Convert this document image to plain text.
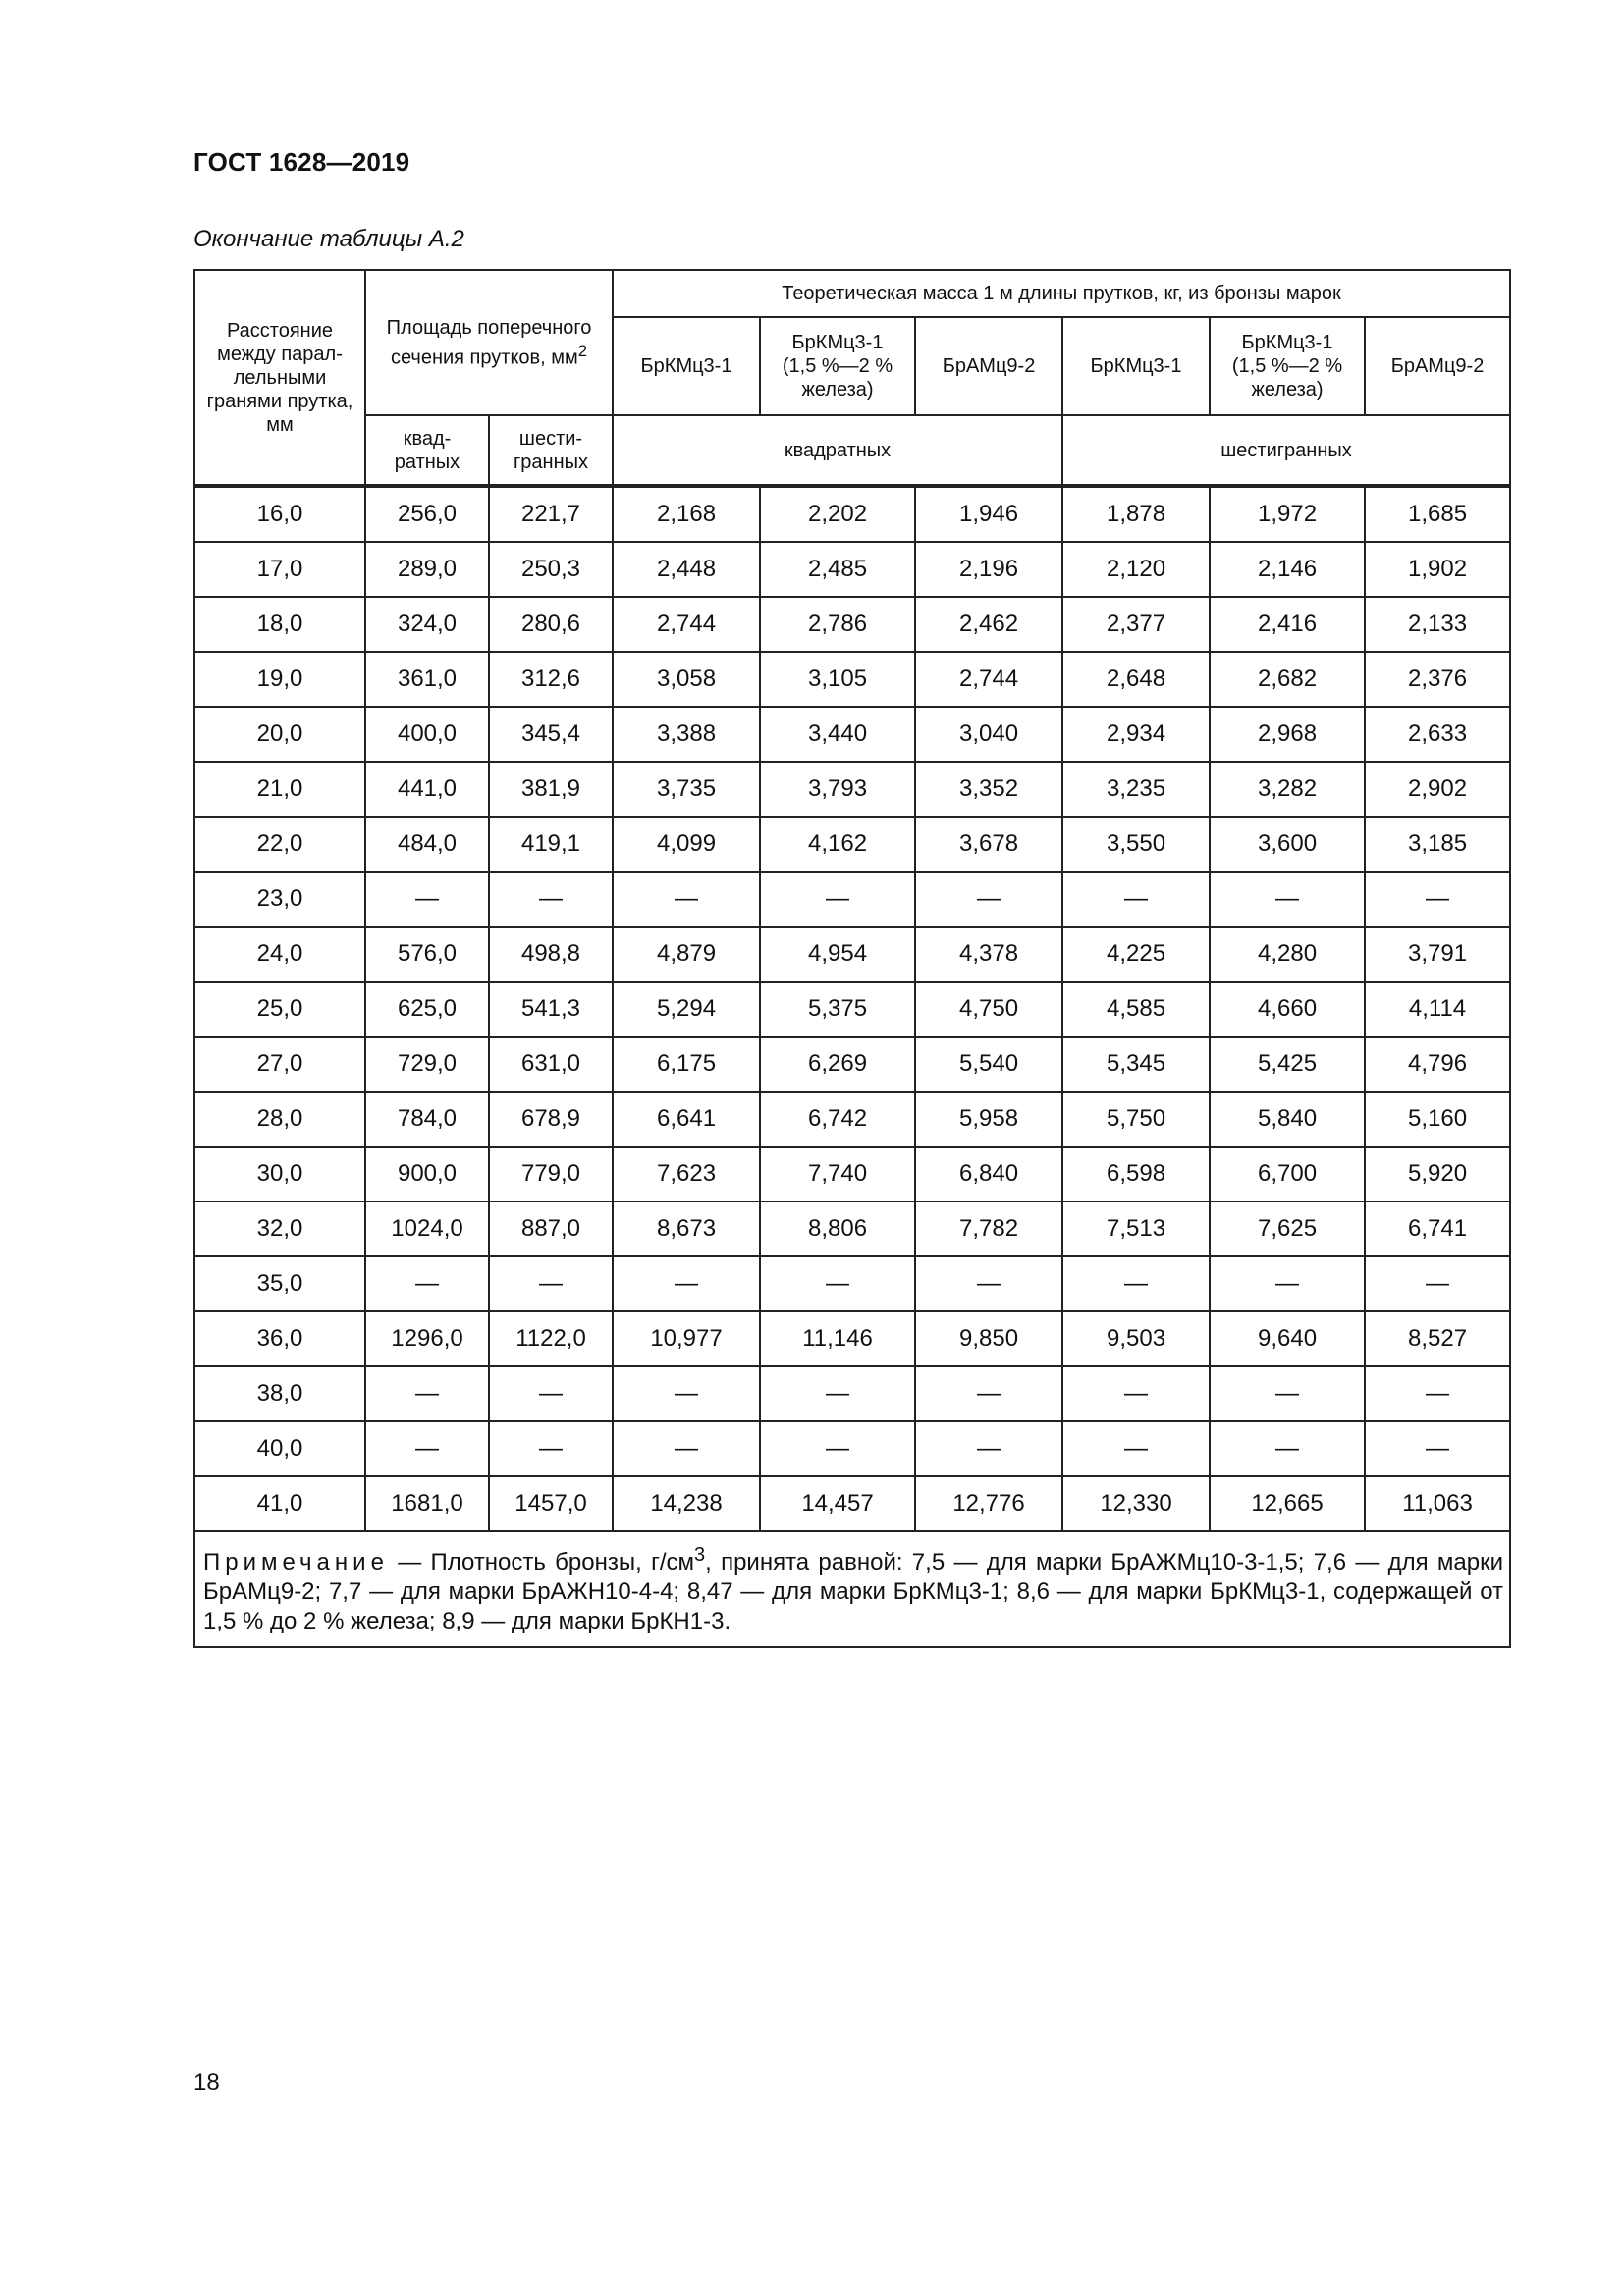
ГОСТ 1628—2019
Окончание таблицы А.2
Расстояние между парал-лельными гранями прутка, мм	Площадь поперечного сечения прутков, $мм^2$		Теоретическая масса 1 м длины прутков, кг, из бронзы марок					
			БрКМц3-1	БрКМц3-1 (1,5 %—2 % железа)	БрАМц9-2	БрКМц3-1	БрКМц3-1 (1,5 %—2 % железа)	БрАМц9-2
	квад-ратных	шести-гранных	квадратных			шестигранных		
16,0	256,0	221,7	2,168	2,202	1,946	1,878	1,972	1,685
17,0	289,0	250,3	2,448	2,485	2,196	2,120	2,146	1,902
18,0	324,0	280,6	2,744	2,786	2,462	2,377	2,416	2,133
19,0	361,0	312,6	3,058	3,105	2,744	2,648	2,682	2,376
20,0	400,0	345,4	3,388	3,440	3,040	2,934	2,968	2,633
21,0	441,0	381,9	3,735	3,793	3,352	3,235	3,282	2,902
22,0	484,0	419,1	4,099	4,162	3,678	3,550	3,600	3,185
23,0	—	—	—	—	—	—	—	—
24,0	576,0	498,8	4,879	4,954	4,378	4,225	4,280	3,791
25,0	625,0	541,3	5,294	5,375	4,750	4,585	4,660	4,114
27,0	729,0	631,0	6,175	6,269	5,540	5,345	5,425	4,796
28,0	784,0	678,9	6,641	6,742	5,958	5,750	5,840	5,160
30,0	900,0	779,0	7,623	7,740	6,840	6,598	6,700	5,920
32,0	1024,0	887,0	8,673	8,806	7,782	7,513	7,625	6,741
35,0	—	—	—	—	—	—	—	—
36,0	1296,0	1122,0	10,977	11,146	9,850	9,503	9,640	8,527
38,0	—	—	—	—	—	—	—	—
40,0	—	—	—	—	—	—	—	—
41,0	1681,0	1457,0	14,238	14,457	12,776	12,330	12,665	11,063
Примечание — Плотность бронзы, $г/см^3$, принята равной: 7,5 — для марки БрАЖМц10-3-1,5; 7,6 — для марки БрАМц9-2; 7,7 — для марки БрАЖН10-4-4; 8,47 — для марки БрКМц3-1; 8,6 — для марки БрКМц3-1, содержащей от 1,5 % до 2 % железа; 8,9 — для марки БрКН1-3.								
18
